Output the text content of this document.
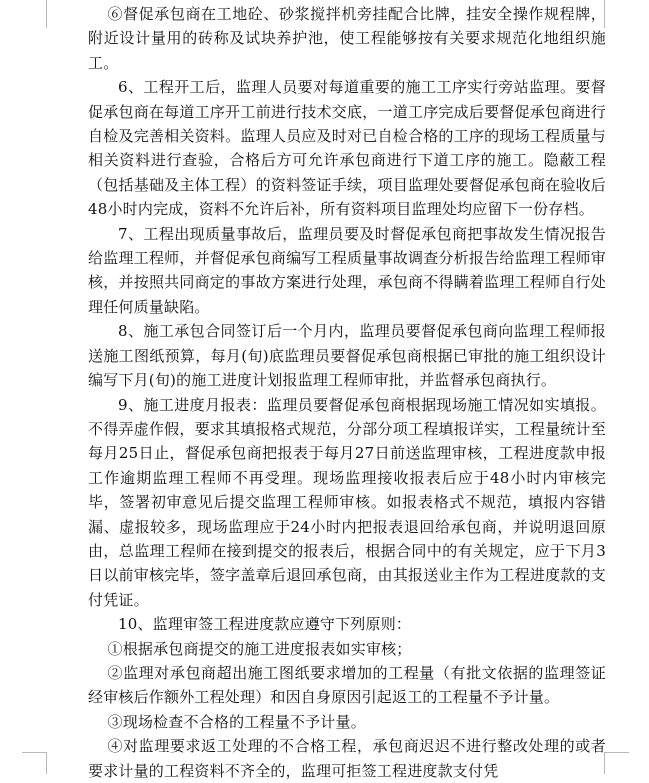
⑥督促承包商在工地砼、砂浆搅拌机旁挂配合比牌，挂安全操作规程牌，附近设计量用的砖称及试块养护池，使工程能够按有关要求规范化地组织施工。

6、工程开工后，监理人员要对每道重要的施工工序实行旁站监理。要督促承包商在每道工序开工前进行技术交底，一道工序完成后要督促承包商进行自检及完善相关资料。监理人员应及时对已自检合格的工序的现场工程质量与相关资料进行查验，合格后方可允许承包商进行下道工序的施工。隐蔽工程（包括基础及主体工程）的资料签证手续，项目监理处要督促承包商在验收后48小时内完成，资料不允许后补，所有资料项目监理处均应留下一份存档。

7、工程出现质量事故后，监理员要及时督促承包商把事故发生情况报告给监理工程师，并督促承包商编写工程质量事故调查分析报告给监理工程师审核，并按照共同商定的事故方案进行处理，承包商不得瞒着监理工程师自行处理任何质量缺陷。

8、施工承包合同签订后一个月内，监理员要督促承包商向监理工程师报送施工图纸预算，每月(旬)底监理员要督促承包商根据已审批的施工组织设计编写下月(旬)的施工进度计划报监理工程师审批，并监督承包商执行。

9、施工进度月报表：监理员要督促承包商根据现场施工情况如实填报。不得弄虚作假，要求其填报格式规范，分部分项工程填报详实，工程量统计至每月25日止，督促承包商把报表于每月27日前送监理审核，工程进度款申报工作逾期监理工程师不再受理。现场监理接收报表后应于48小时内审核完毕，签署初审意见后提交监理工程师审核。如报表格式不规范，填报内容错漏、虚报较多，现场监理应于24小时内把报表退回给承包商，并说明退回原由，总监理工程师在接到提交的报表后，根据合同中的有关规定，应于下月3日以前审核完毕，签字盖章后退回承包商，由其报送业主作为工程进度款的支付凭证。

10、监理审签工程进度款应遵守下列原则：

①根据承包商提交的施工进度报表如实审核；

②监理对承包商超出施工图纸要求增加的工程量（有批文依据的监理签证经审核后作额外工程处理）和因自身原因引起返工的工程量不予计量。

③现场检查不合格的工程量不予计量。

④对监理要求返工处理的不合格工程，承包商迟迟不进行整改处理的或者要求计量的工程资料不齐全的，监理可拒签工程进度款支付凭
